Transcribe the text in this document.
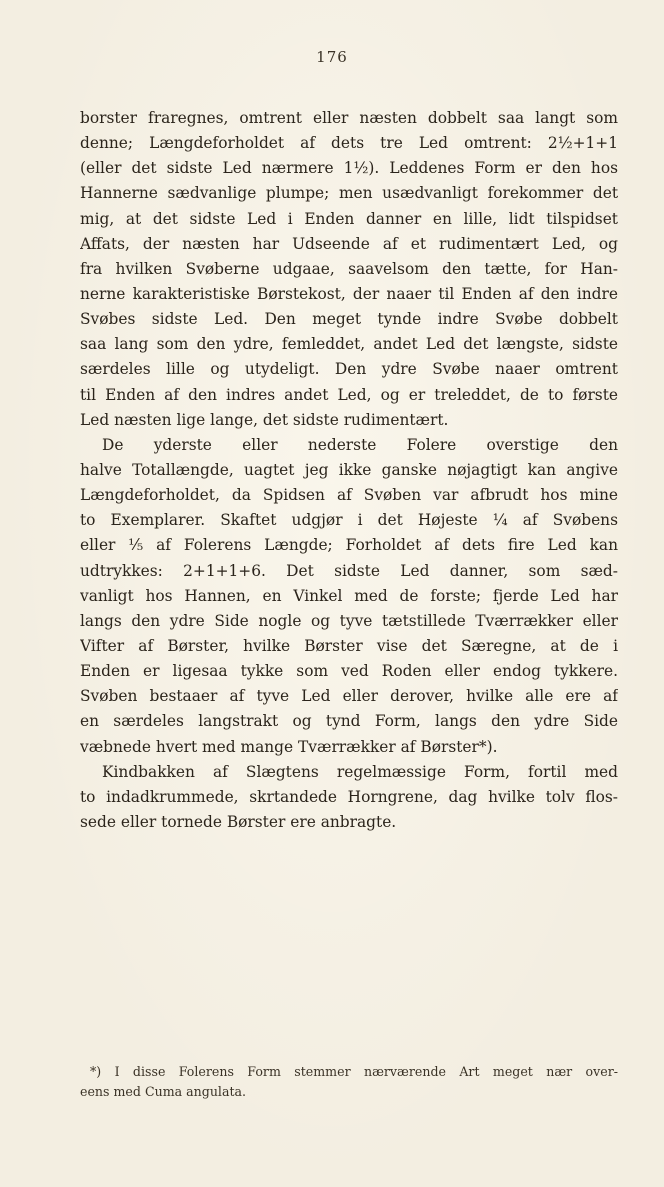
176
borster fraregnes, omtrent eller næsten dobbelt saa langt som
denne; Længdeforholdet af dets tre Led omtrent: 2½+1+1
(eller det sidste Led nærmere 1½). Leddenes Form er den hos
Hannerne sædvanlige plumpe; men usædvanligt forekommer det
mig, at det sidste Led i Enden danner en lille, lidt tilspidset
Affats, der næsten har Udseende af et rudimentært Led, og
fra hvilken Svøberne udgaae, saavelsom den tætte, for Han-
nerne karakteristiske Børstekost, der naaer til Enden af den indre
Svøbes sidste Led. Den meget tynde indre Svøbe dobbelt
saa lang som den ydre, femleddet, andet Led det længste, sidste
særdeles lille og utydeligt. Den ydre Svøbe naaer omtrent
til Enden af den indres andet Led, og er treleddet, de to første
Led næsten lige lange, det sidste rudimentært.
De yderste eller nederste Folere overstige den
halve Totallængde, uagtet jeg ikke ganske nøjagtigt kan angive
Længdeforholdet, da Spidsen af Svøben var afbrudt hos mine
to Exemplarer. Skaftet udgjør i det Højeste ¼ af Svøbens
eller ⅕ af Folerens Længde; Forholdet af dets fire Led kan
udtrykkes: 2+1+1+6. Det sidste Led danner, som sæd-
vanligt hos Hannen, en Vinkel med de forste; fjerde Led har
langs den ydre Side nogle og tyve tætstillede Tværrækker eller
Vifter af Børster, hvilke Børster vise det Særegne, at de i
Enden er ligesaa tykke som ved Roden eller endog tykkere.
Svøben bestaaer af tyve Led eller derover, hvilke alle ere af
en særdeles langstrakt og tynd Form, langs den ydre Side
væbnede hvert med mange Tværrækker af Børster*).
Kindbakken af Slægtens regelmæssige Form, fortil med
to indadkrummede, skrtandede Horngrene, dag hvilke tolv flos-
sede eller tornede Børster ere anbragte.
*) I disse Folerens Form stemmer nærværende Art meget nær over-
eens med Cuma angulata.
